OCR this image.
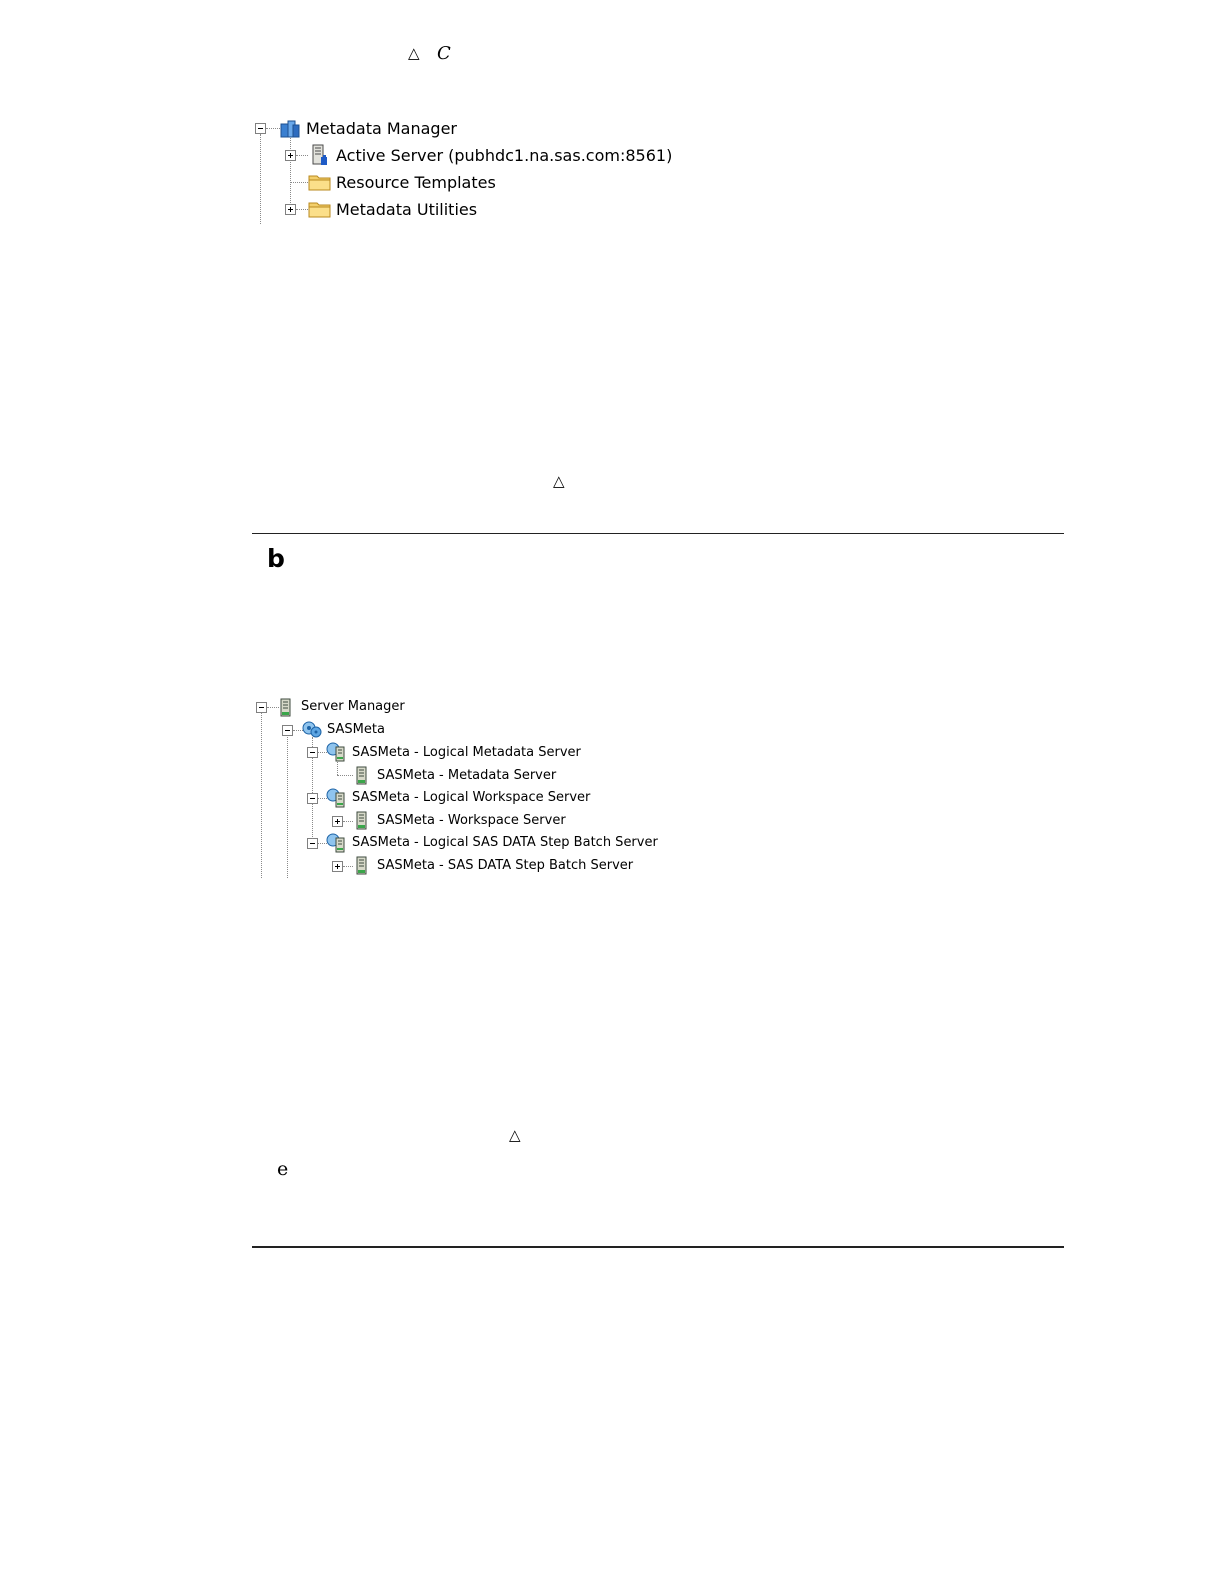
△ C
Metadata Manager
Active Server (pubhdc1.na.sas.com:8561)
Resource Templates
Metadata Utilities
△
b
Server Manager
SASMeta
SASMeta - Logical Metadata Server
SASMeta - Metadata Server
SASMeta - Logical Workspace Server
SASMeta - Workspace Server
SASMeta - Logical SAS DATA Step Batch Server
SASMeta - SAS DATA Step Batch Server
△
e
